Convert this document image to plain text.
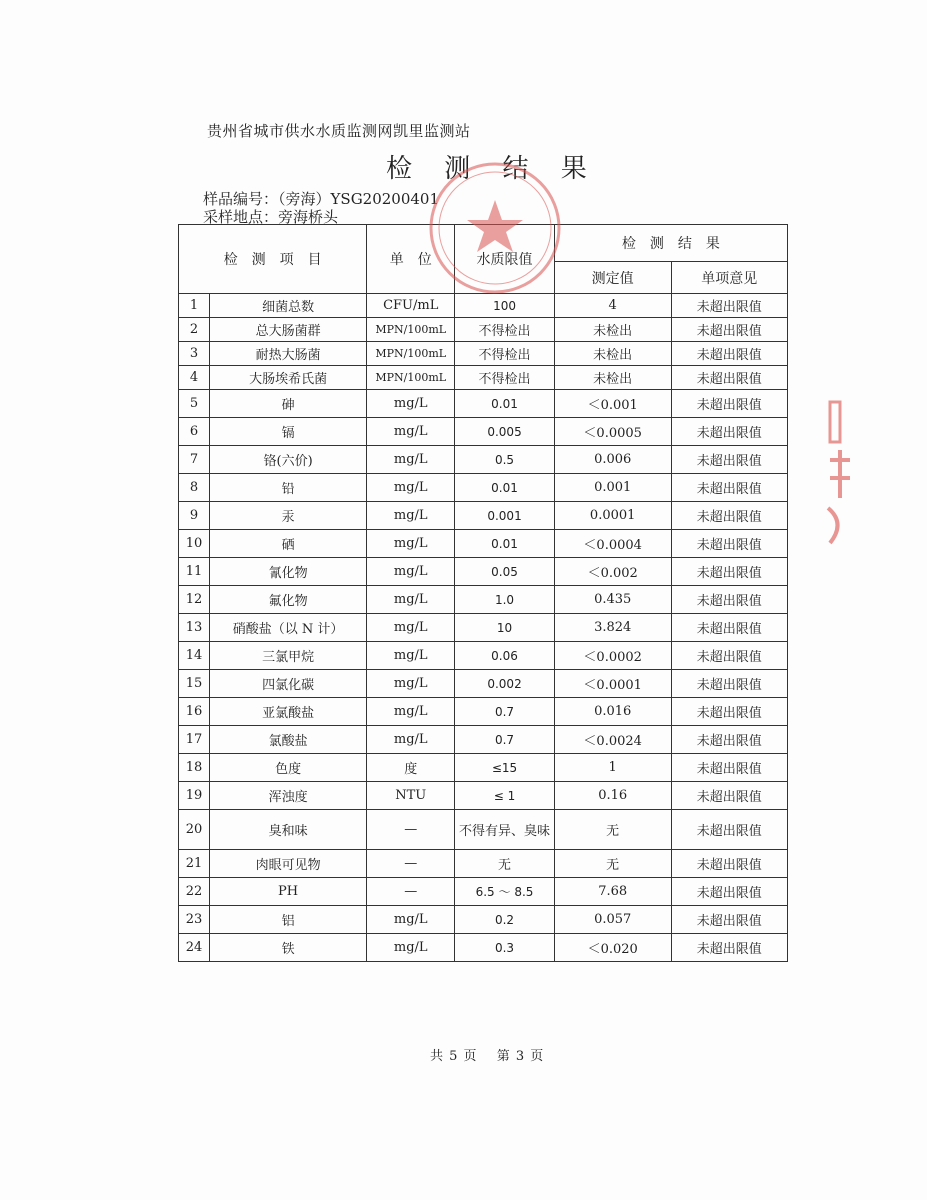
贵州省城市供水水质监测网凯里监测站
检 测 结 果
样品编号：（旁海）YSG20200401
采样地点：旁海桥头
检　测　项　目		单　位	水质限值	检　测　结　果	
				测定值	单项意见
1	细菌总数	CFU/mL	100	4	未超出限值
2	总大肠菌群	MPN/100mL	不得检出	未检出	未超出限值
3	耐热大肠菌	MPN/100mL	不得检出	未检出	未超出限值
4	大肠埃希氏菌	MPN/100mL	不得检出	未检出	未超出限值
5	砷	mg/L	0.01	＜0.001	未超出限值
6	镉	mg/L	0.005	＜0.0005	未超出限值
7	铬(六价)	mg/L	0.5	0.006	未超出限值
8	铅	mg/L	0.01	0.001	未超出限值
9	汞	mg/L	0.001	0.0001	未超出限值
10	硒	mg/L	0.01	＜0.0004	未超出限值
11	氰化物	mg/L	0.05	＜0.002	未超出限值
12	氟化物	mg/L	1.0	0.435	未超出限值
13	硝酸盐（以 N 计）	mg/L	10	3.824	未超出限值
14	三氯甲烷	mg/L	0.06	＜0.0002	未超出限值
15	四氯化碳	mg/L	0.002	＜0.0001	未超出限值
16	亚氯酸盐	mg/L	0.7	0.016	未超出限值
17	氯酸盐	mg/L	0.7	＜0.0024	未超出限值
18	色度	度	≤15	1	未超出限值
19	浑浊度	NTU	≤ 1	0.16	未超出限值
20	臭和味	—	不得有异、臭味	无	未超出限值
21	肉眼可见物	—	无	无	未超出限值
22	PH	—	6.5 ～ 8.5	7.68	未超出限值
23	铝	mg/L	0.2	0.057	未超出限值
24	铁	mg/L	0.3	＜0.020	未超出限值
共 5 页 第 3 页
